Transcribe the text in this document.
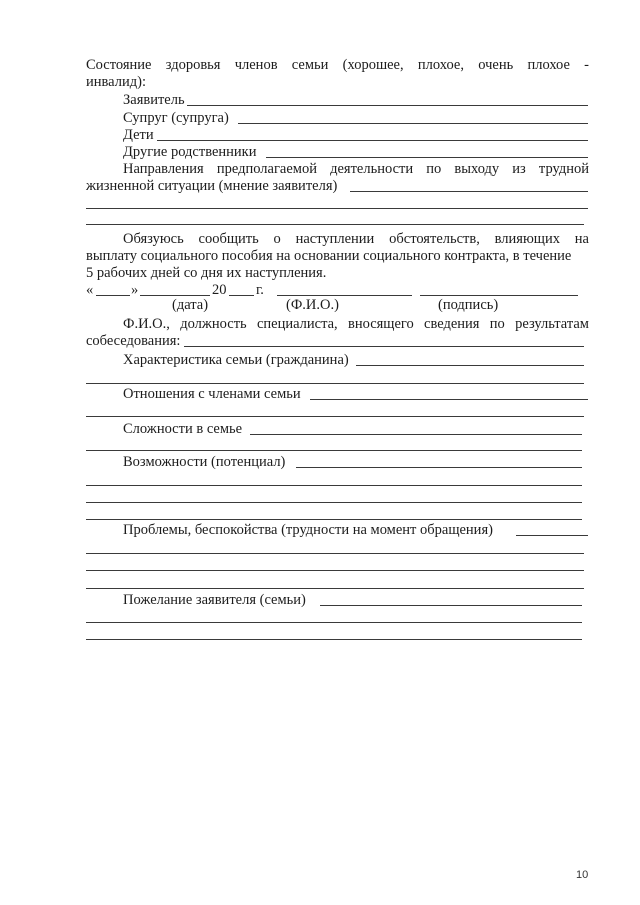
Состояние здоровья членов семьи (хорошее, плохое, очень плохое -
инвалид):
Заявитель
Супруг (супруга)
Дети
Другие родственники
Направления предполагаемой деятельности по выходу из трудной
жизненной ситуации (мнение заявителя)
Обязуюсь сообщить о наступлении обстоятельств, влияющих на
выплату социального пособия на основании социального контракта, в течение
5 рабочих дней со дня их наступления.
«	»	20 г.
(дата)	(Ф.И.О.)	(подпись)
Ф.И.О., должность специалиста, вносящего сведения по результатам
собеседования:
Характеристика семьи (гражданина)
Отношения с членами семьи
Сложности в семье
Возможности (потенциал)
Проблемы, беспокойства (трудности на момент обращения)
Пожелание заявителя (семьи)
10
